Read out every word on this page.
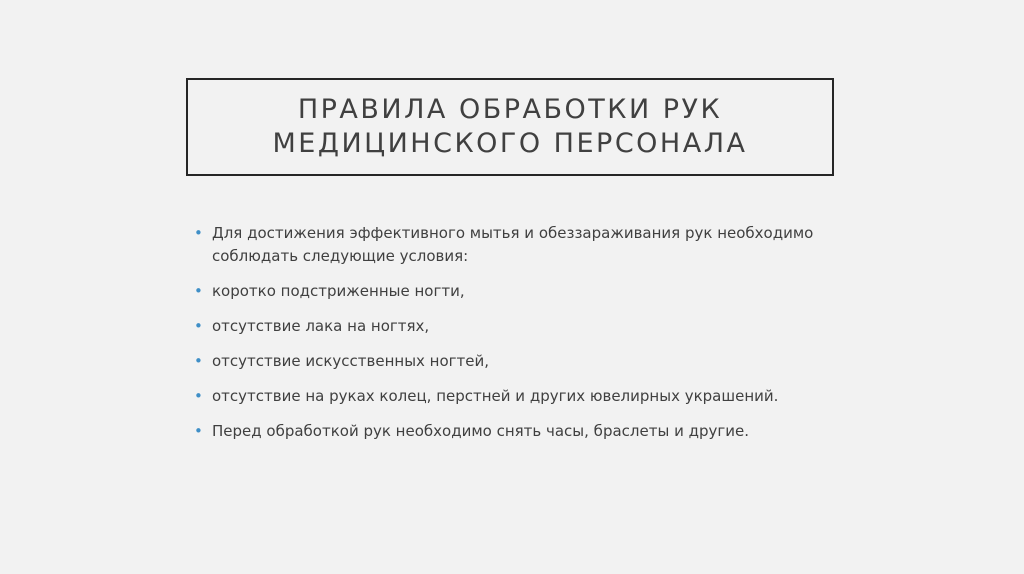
ПРАВИЛА ОБРАБОТКИ РУК
МЕДИЦИНСКОГО ПЕРСОНАЛА
• Для достижения эффективного мытья и обеззараживания рук необходимо соблюдать следующие условия:
• коротко подстриженные ногти,
• отсутствие лака на ногтях,
• отсутствие искусственных ногтей,
• отсутствие на руках колец, перстней и других ювелирных украшений.
• Перед обработкой рук необходимо снять часы, браслеты и другие.
